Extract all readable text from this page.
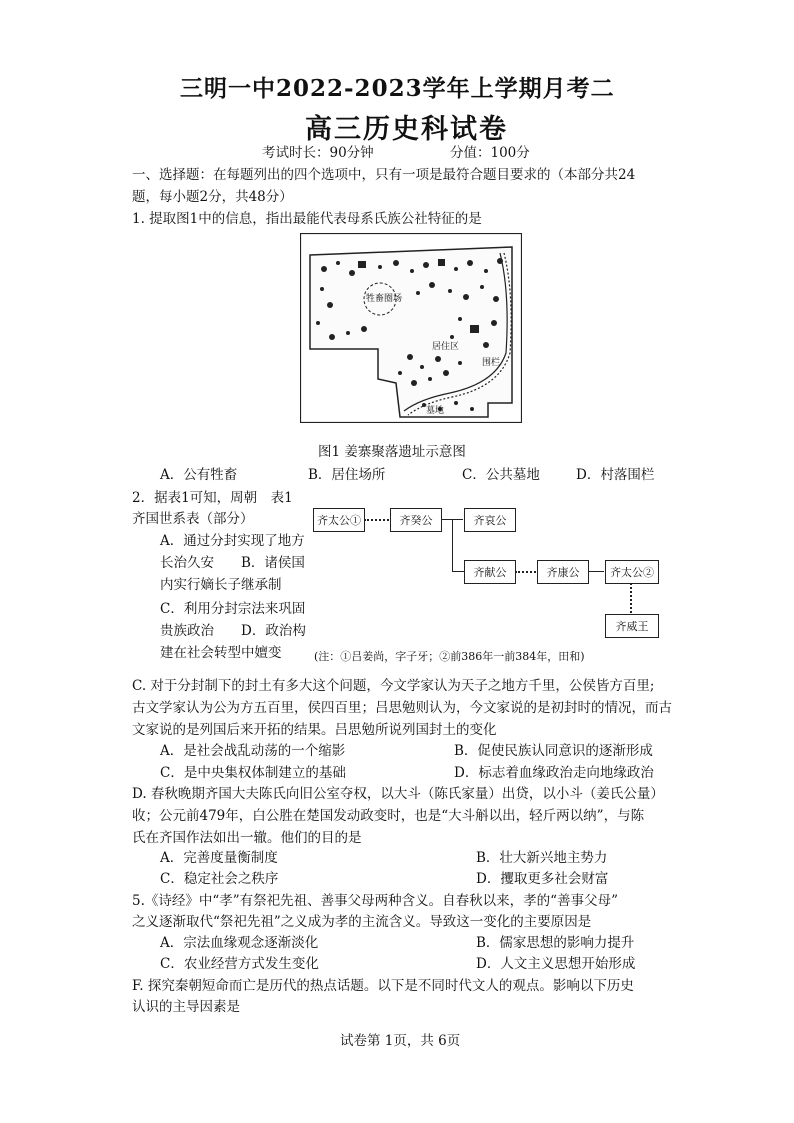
三明一中2022-2023学年上学期月考二
高三历史科试卷
考试时长：90分钟	分值：100分
一、选择题：在每题列出的四个选项中，只有一项是最符合题目要求的（本部分共24
题，每小题2分，共48分）
1. 提取图1中的信息，指出最能代表母系氏族公社特征的是
牲畜圈场
居住区
围栏
墓地
图1 姜寨聚落遗址示意图
A．公有牲畜	B．居住场所	C．公共墓地	D．村落围栏
2．据表1可知，周朝　表1
齐国世系表（部分）
A．通过分封实现了地方长治久安　　B．诸侯国内实行嫡长子继承制
C．利用分封宗法来巩固贵族政治　　D．政治构建在社会转型中嬗变
齐太公①	齐癸公	齐哀公
齐献公	齐康公	齐太公②
齐威王
(注：①吕姜尚，字子牙；②前386年一前384年，田和)
C. 对于分封制下的封土有多大这个问题，今文学家认为天子之地方千里，公侯皆方百里;
古文学家认为公为方五百里，侯四百里；吕思勉则认为，今文家说的是初封时的情况，而古
文家说的是列国后来开拓的结果。吕思勉所说列国封土的变化
A．是社会战乱动荡的一个缩影	B．促使民族认同意识的逐渐形成
C．是中央集权体制建立的基础	D．标志着血缘政治走向地缘政治
D. 春秋晚期齐国大夫陈氏向旧公室夺权，以大斗（陈氏家量）出贷，以小斗（姜氏公量）
收；公元前479年，白公胜在楚国发动政变时，也是“大斗斛以出，轻斤两以纳”，与陈
氏在齐国作法如出一辙。他们的目的是
A．完善度量衡制度	B．壮大新兴地主势力
C．稳定社会之秩序	D．攫取更多社会财富
5.《诗经》中“孝”有祭祀先祖、善事父母两种含义。自春秋以来，孝的“善事父母”
之义逐渐取代“祭祀先祖”之义成为孝的主流含义。导致这一变化的主要原因是
A．宗法血缘观念逐渐淡化	B．儒家思想的影响力提升
C．农业经营方式发生变化	D．人文主义思想开始形成
F. 探究秦朝短命而亡是历代的热点话题。以下是不同时代文人的观点。影响以下历史
认识的主导因素是
试卷第 1页，共 6页
